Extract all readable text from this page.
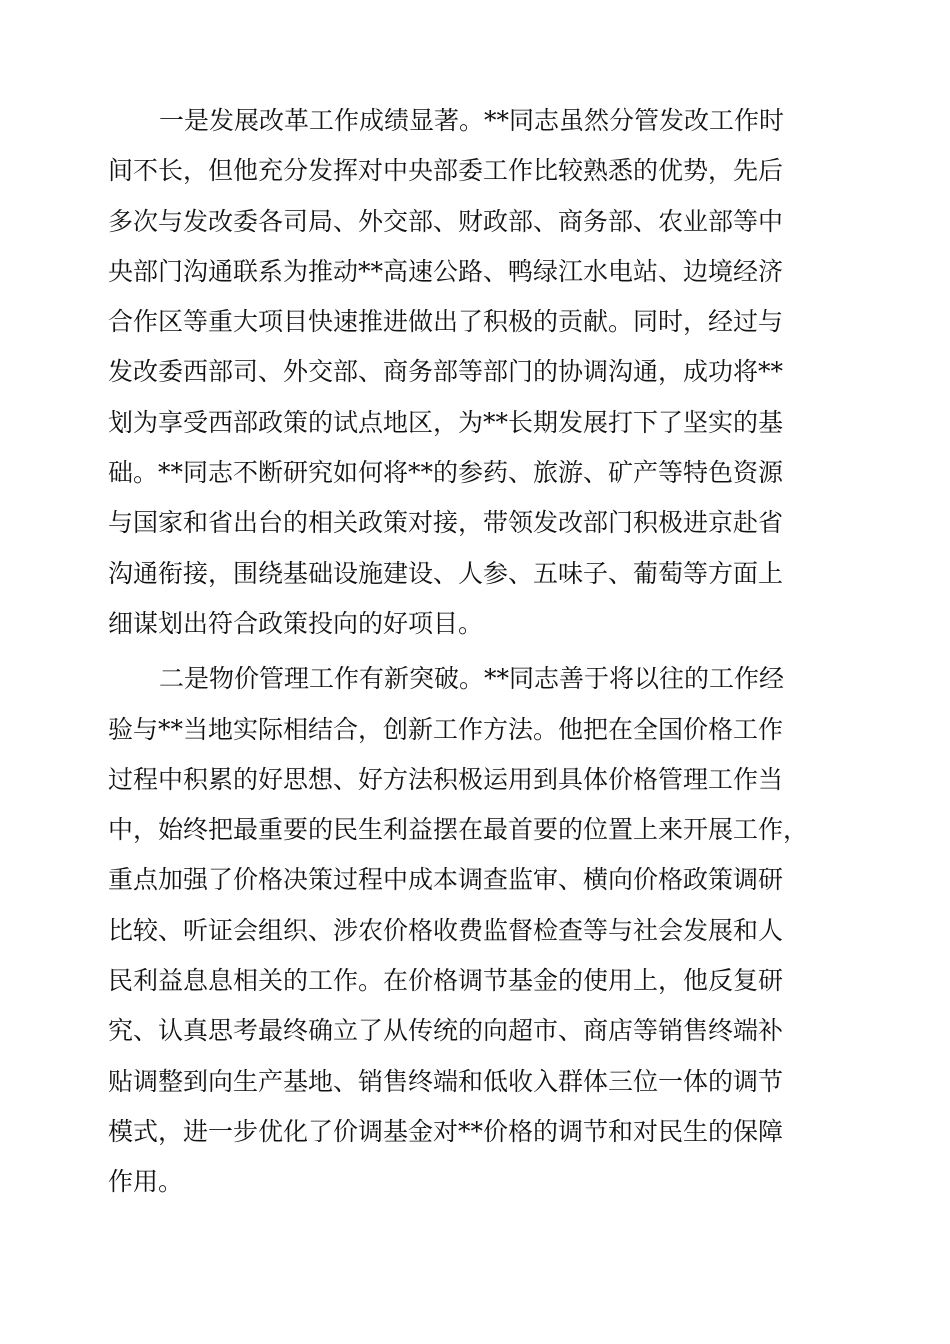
一是发展改革工作成绩显著。**同志虽然分管发改工作时
间不长，但他充分发挥对中央部委工作比较熟悉的优势，先后
多次与发改委各司局、外交部、财政部、商务部、农业部等中
央部门沟通联系为推动**高速公路、鸭绿江水电站、边境经济
合作区等重大项目快速推进做出了积极的贡献。同时，经过与
发改委西部司、外交部、商务部等部门的协调沟通，成功将**
划为享受西部政策的试点地区，为**长期发展打下了坚实的基
础。**同志不断研究如何将**的参药、旅游、矿产等特色资源
与国家和省出台的相关政策对接，带领发改部门积极进京赴省
沟通衔接，围绕基础设施建设、人参、五味子、葡萄等方面上
细谋划出符合政策投向的好项目。
二是物价管理工作有新突破。**同志善于将以往的工作经
验与**当地实际相结合，创新工作方法。他把在全国价格工作
过程中积累的好思想、好方法积极运用到具体价格管理工作当
中，始终把最重要的民生利益摆在最首要的位置上来开展工作，
重点加强了价格决策过程中成本调查监审、横向价格政策调研
比较、听证会组织、涉农价格收费监督检查等与社会发展和人
民利益息息相关的工作。在价格调节基金的使用上，他反复研
究、认真思考最终确立了从传统的向超市、商店等销售终端补
贴调整到向生产基地、销售终端和低收入群体三位一体的调节
模式，进一步优化了价调基金对**价格的调节和对民生的保障
作用。
